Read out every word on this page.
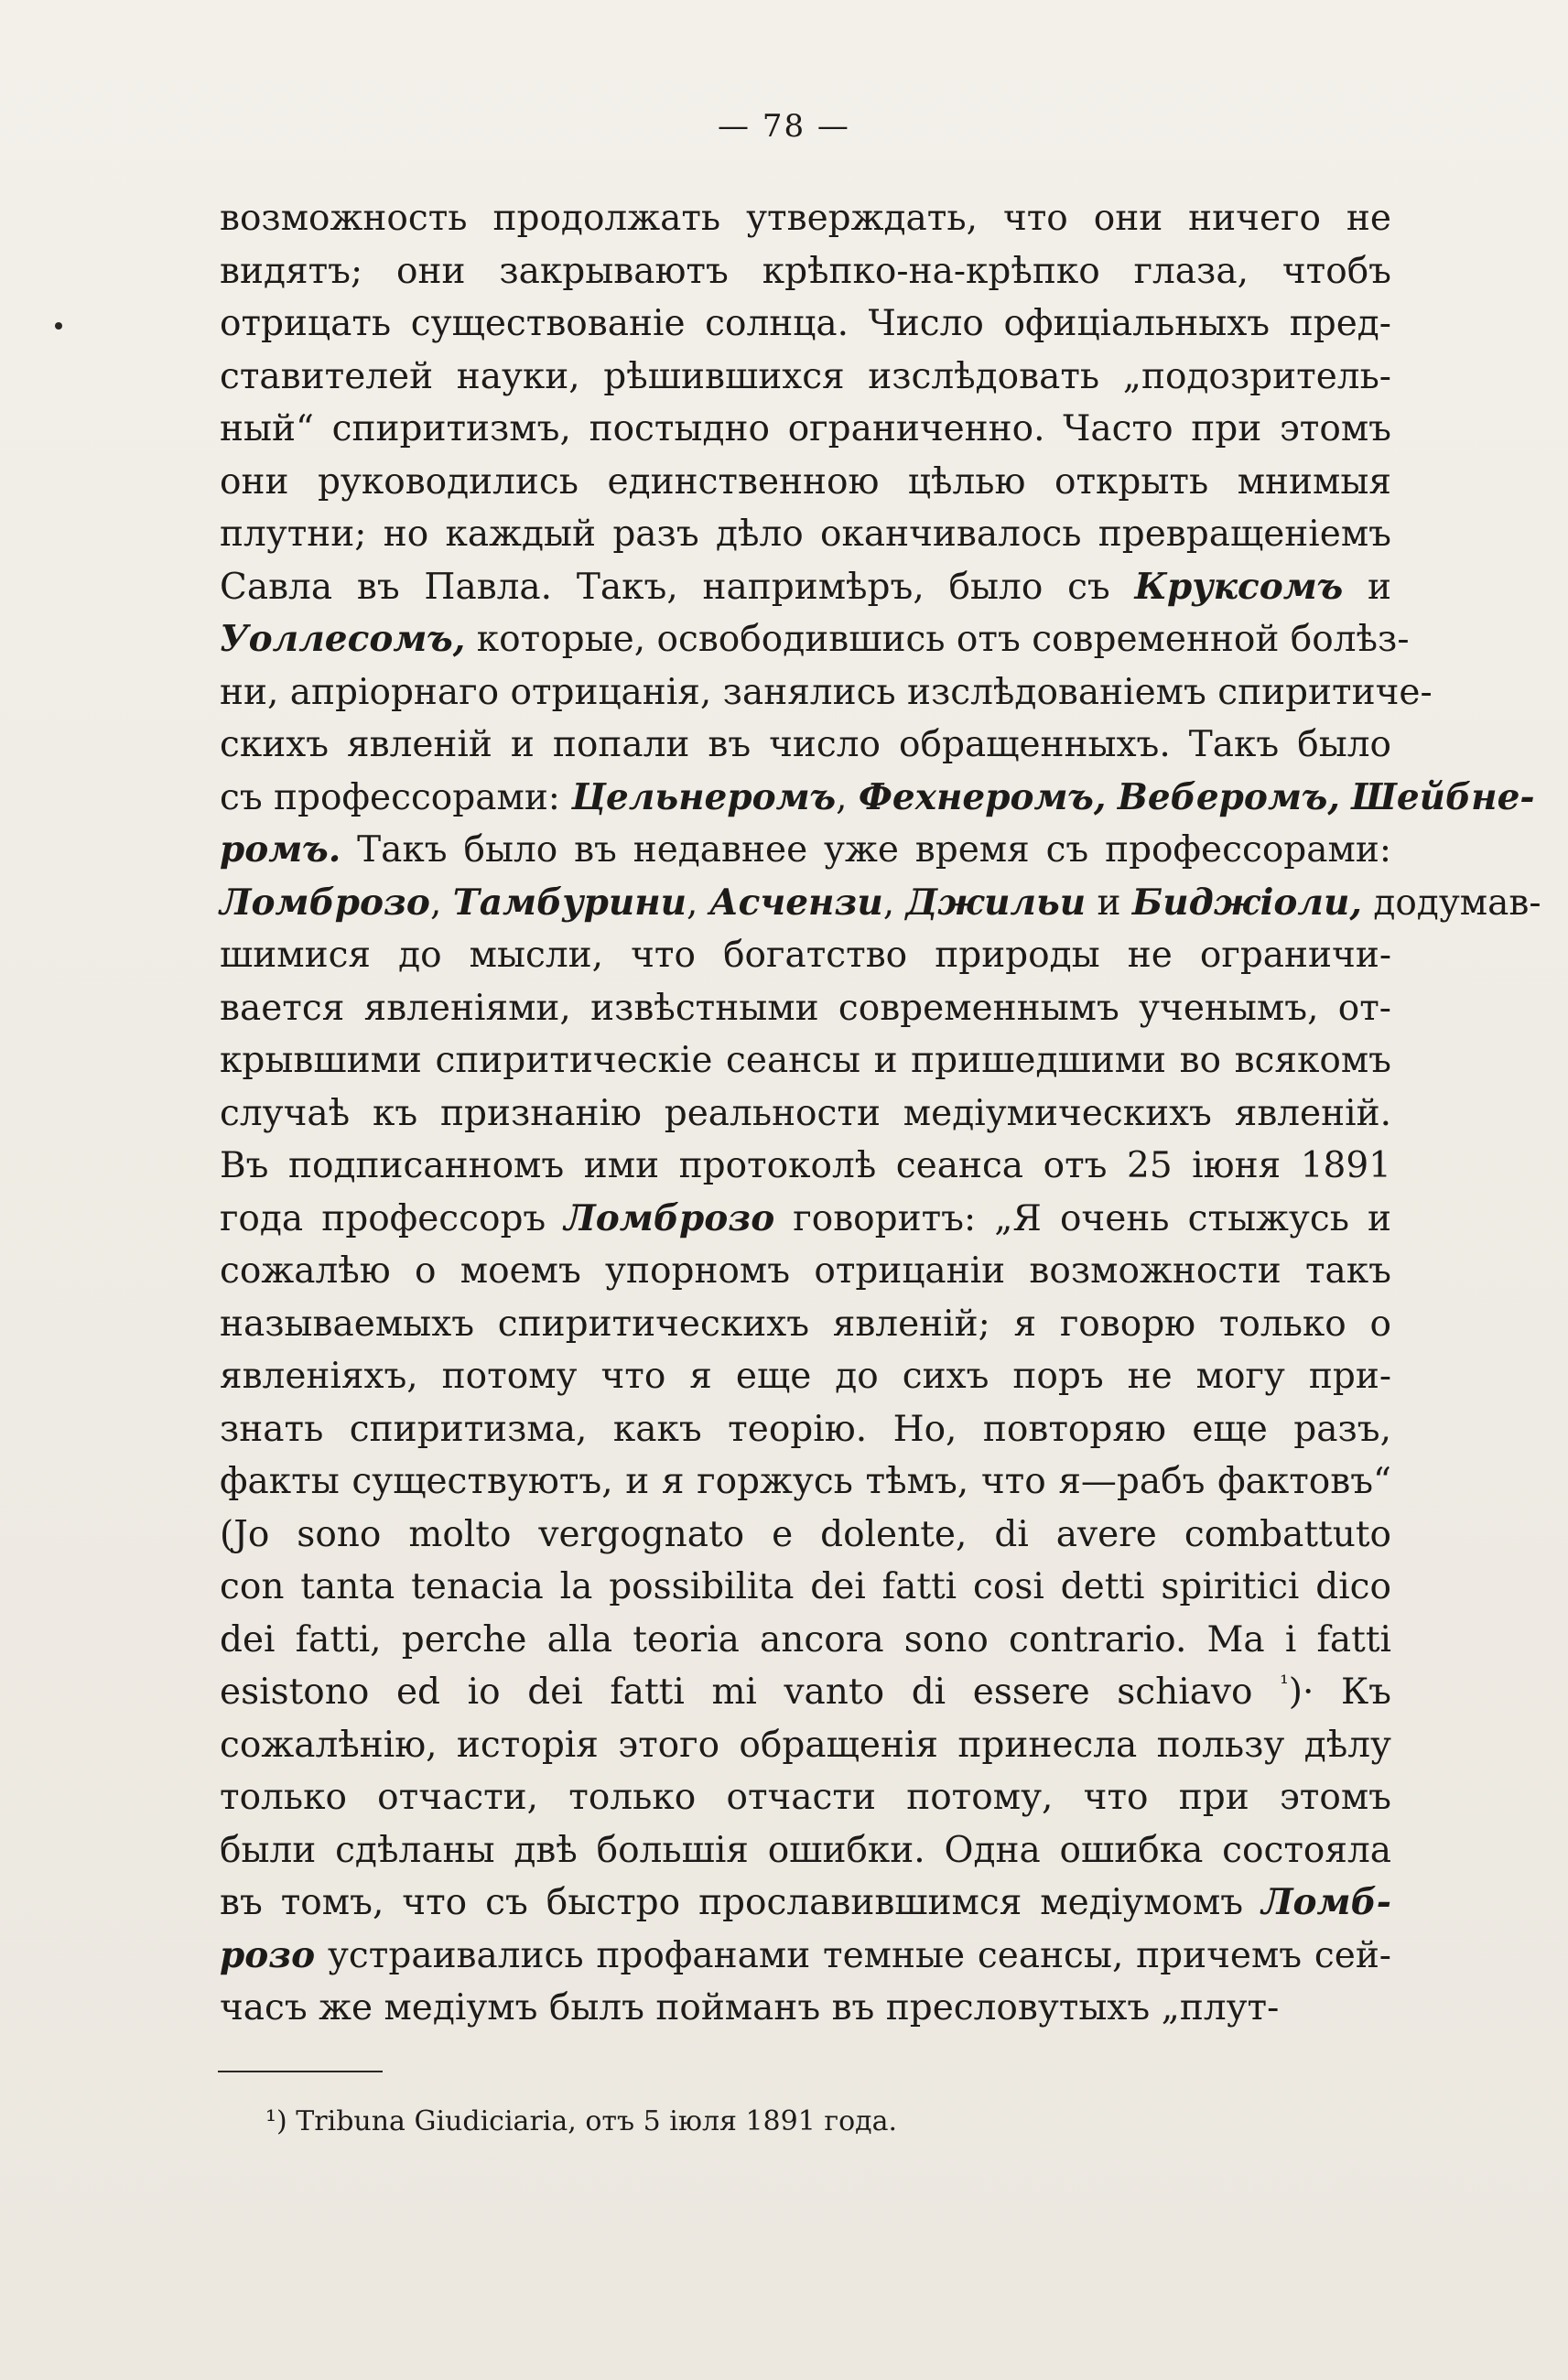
— 78 —
возможность продолжать утверждать, что они ничего не
видятъ; они закрываютъ крѣпко-на-крѣпко глаза, чтобъ
отрицать существованіе солнца. Число офиціальныхъ пред-
ставителей науки, рѣшившихся изслѣдовать „подозритель-
ный“ спиритизмъ, постыдно ограниченно. Часто при этомъ
они руководились единственною цѣлью открыть мнимыя
плутни; но каждый разъ дѣло оканчивалось превращеніемъ
Савла въ Павла. Такъ, напримѣръ, было съ Круксомъ и
Уоллесомъ, которые, освободившись отъ современной болѣз-
ни, апріорнаго отрицанія, занялись изслѣдованіемъ спиритиче-
скихъ явленій и попали въ число обращенныхъ. Такъ было
съ профессорами: Цельнеромъ, Фехнеромъ, Веберомъ, Шейбне-
ромъ. Такъ было въ недавнее уже время съ профессорами:
Ломброзо, Тамбурини, Асчензи, Джильи и Биджіоли, додумав-
шимися до мысли, что богатство природы не ограничи-
вается явленіями, извѣстными современнымъ ученымъ, от-
крывшими спиритическіе сеансы и пришедшими во всякомъ
случаѣ къ признанію реальности медіумическихъ явленій.
Въ подписанномъ ими протоколѣ сеанса отъ 25 іюня 1891
года профессоръ Ломброзо говоритъ: „Я очень стыжусь и
сожалѣю о моемъ упорномъ отрицаніи возможности такъ
называемыхъ спиритическихъ явленій; я говорю только о
явленіяхъ, потому что я еще до сихъ поръ не могу при-
знать спиритизма, какъ теорію. Но, повторяю еще разъ,
факты существуютъ, и я горжусь тѣмъ, что я—рабъ фактовъ“
(Jo sono molto vergognato e dolente, di avere combattuto
con tanta tenacia la possibilita dei fatti cosi detti spiritici dico
dei fatti, perche alla teoria ancora sono contrario. Ma i fatti
esistono ed io dei fatti mi vanto di essere schiavo $^{^1}$)· Къ
сожалѣнію, исторія этого обращенія принесла пользу дѣлу
только отчасти, только отчасти потому, что при этомъ
были сдѣланы двѣ большія ошибки. Одна ошибка состояла
въ томъ, что съ быстро прославившимся медіумомъ Ломб-
розо устраивались профанами темные сеансы, причемъ сей-
часъ же медіумъ былъ пойманъ въ пресловутыхъ „плут-
¹) Tribuna Giudiciaria, отъ 5 іюля 1891 года.
